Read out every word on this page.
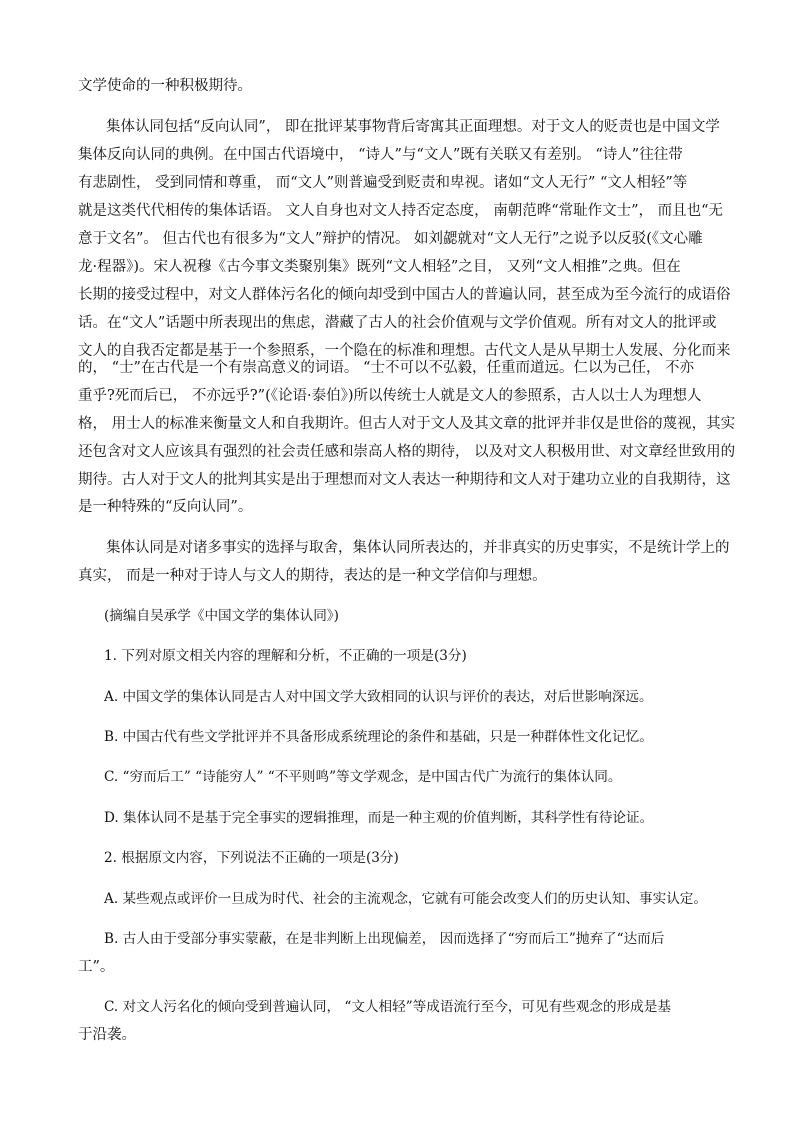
文学使命的一种积极期待。
集体认同包括“反向认同”， 即在批评某事物背后寄寓其正面理想。对于文人的贬责也是中国文学
集体反向认同的典例。在中国古代语境中， “诗人”与“文人”既有关联又有差别。 “诗人”往往带
有悲剧性， 受到同情和尊重， 而“文人”则普遍受到贬责和卑视。诸如“文人无行” “文人相轻”等
就是这类代代相传的集体话语。 文人自身也对文人持否定态度， 南朝范晔“常耻作文士”， 而且也“无
意于文名”。 但古代也有很多为“文人”辩护的情况。 如刘勰就对“文人无行”之说予以反驳(《文心雕
龙·程器》)。宋人祝穆《古今事文类聚别集》既列“文人相轻”之目， 又列“文人相推”之典。但在
长期的接受过程中，对文人群体污名化的倾向却受到中国古人的普遍认同，甚至成为至今流行的成语俗
话。在“文人”话题中所表现出的焦虑，潜藏了古人的社会价值观与文学价值观。所有对文人的批评或
文人的自我否定都是基于一个参照系，一个隐在的标准和理想。古代文人是从早期士人发展、分化而来
的， “士”在古代是一个有崇高意义的词语。 “士不可以不弘毅，任重而道远。仁以为己任， 不亦
重乎?死而后已， 不亦远乎?”(《论语·泰伯》)所以传统士人就是文人的参照系，古人以士人为理想人
格， 用士人的标准来衡量文人和自我期许。但古人对于文人及其文章的批评并非仅是世俗的蔑视，其实
还包含对文人应该具有强烈的社会责任感和崇高人格的期待， 以及对文人积极用世、对文章经世致用的
期待。古人对于文人的批判其实是出于理想而对文人表达一种期待和文人对于建功立业的自我期待，这
是一种特殊的“反向认同”。
集体认同是对诸多事实的选择与取舍，集体认同所表达的，并非真实的历史事实，不是统计学上的
真实， 而是一种对于诗人与文人的期待，表达的是一种文学信仰与理想。
(摘编自吴承学《中国文学的集体认同》)
1. 下列对原文相关内容的理解和分析，不正确的一项是(3分)
A. 中国文学的集体认同是古人对中国文学大致相同的认识与评价的表达，对后世影响深远。
B. 中国古代有些文学批评并不具备形成系统理论的条件和基础，只是一种群体性文化记忆。
C. “穷而后工” “诗能穷人” “不平则鸣”等文学观念，是中国古代广为流行的集体认同。
D. 集体认同不是基于完全事实的逻辑推理，而是一种主观的价值判断，其科学性有待论证。
2. 根据原文内容，下列说法不正确的一项是(3分)
A. 某些观点或评价一旦成为时代、社会的主流观念，它就有可能会改变人们的历史认知、事实认定。
B. 古人由于受部分事实蒙蔽，在是非判断上出现偏差， 因而选择了“穷而后工”抛弃了“达而后
工”。
C. 对文人污名化的倾向受到普遍认同， “文人相轻”等成语流行至今，可见有些观念的形成是基
于沿袭。
